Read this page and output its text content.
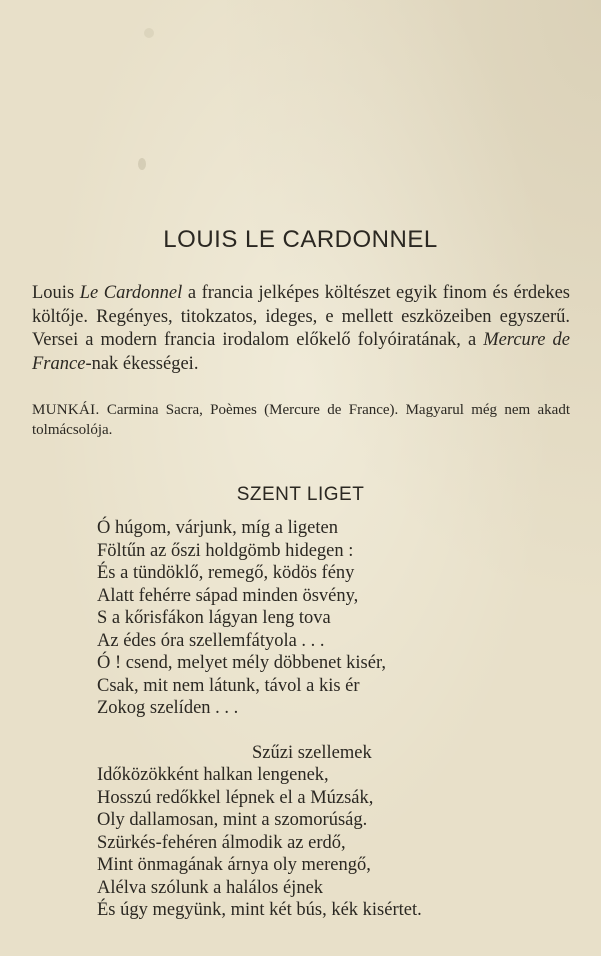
LOUIS LE CARDONNEL

Louis Le Cardonnel a francia jelképes költészet egyik finom és érdekes költője. Regényes, titokzatos, ideges, e mellett eszközeiben egyszerű. Versei a modern francia irodalom előkelő folyóiratának, a Mercure de France-nak ékességei.

MUNKÁI. Carmina Sacra, Poèmes (Mercure de France). Magyarul még nem akadt tolmácsolója.

SZENT LIGET
Ó húgom, várjunk, míg a ligeten
Föltűn az őszi holdgömb hidegen :
És a tündöklő, remegő, ködös fény
Alatt fehérre sápad minden ösvény,
S a kőrisfákon lágyan leng tova
Az édes óra szellemfátyola . . .
Ó ! csend, melyet mély döbbenet kisér,
Csak, mit nem látunk, távol a kis ér
Zokog szelíden . . .
Szűzi szellemek
Időközökként halkan lengenek,
Hosszú redőkkel lépnek el a Múzsák,
Oly dallamosan, mint a szomorúság.
Szürkés-fehéren álmodik az erdő,
Mint önmagának árnya oly merengő,
Alélva szólunk a halálos éjnek
És úgy megyünk, mint két bús, kék kisértet.
